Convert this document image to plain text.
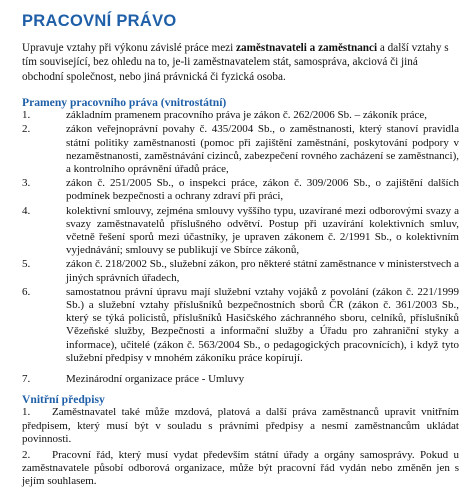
PRACOVNÍ PRÁVO

Upravuje vztahy při výkonu závislé práce mezi zaměstnavateli a zaměstnanci a další vztahy s tím související, bez ohledu na to, je-li zaměstnavatelem stát, samosprávа, akciová či jiná obchodní společnost, nebo jiná právnická či fyzická osoba.

Prameny pracovního práva (vnitrostátní)
1.	základním pramenem pracovního práva je zákon č. 262/2006 Sb. – zákoník práce,
2.	zákon veřejnoprávní povahy č. 435/2004 Sb., o zaměstnanosti, který stanoví pravidla státní politiky zaměstnanosti (pomoc při zajištění zaměstnání, poskytování podpory v nezaměstnanosti, zaměstnávání cizinců, zabezpečení rovného zacházení se zaměstnanci), a kontrolního oprávnění úřadů práce,
3.	zákon č. 251/2005 Sb., o inspekci práce, zákon č. 309/2006 Sb., o zajištění dalších podmínek bezpečnosti a ochrany zdraví při práci,
4.	kolektivní smlouvy, zejména smlouvy vyššího typu, uzavírané mezi odborovými svazy a svazy zaměstnavatelů příslušného odvětví. Postup při uzavírání kolektivních smluv, včetně řešení sporů mezi účastníky, je upraven zákonem č. 2/1991 Sb., o kolektivním vyjednávání; smlouvy se publikují ve Sbírce zákonů,
5.	zákon č. 218/2002 Sb., služební zákon, pro některé státní zaměstnance v ministerstvech a jiných správních úřadech,
6.	samostatnou právní úpravu mají služební vztahy vojáků z povolání (zákon č. 221/1999 Sb.) a služební vztahy příslušníků bezpečnostních sborů ČR (zákon č. 361/2003 Sb., který se týká policistů, příslušníků Hasičského záchranného sboru, celníků, příslušníků Vězeňské služby, Bezpečnosti a informační služby a Úřadu pro zahraniční styky a informace), učitelé (zákon č. 563/2004 Sb., o pedagogických pracovnících), i když tyto služební předpisy v mnohém zákoníku práce kopírují.
7.	Mezinárodní organizace práce - Umluvy
Vnitřní předpisy

1. Zaměstnavatel také může mzdová, platová a další práva zaměstnanců upravit vnitřním předpisem, který musí být v souladu s právními předpisy a nesmí zaměstnancům ukládat povinnosti.

2. Pracovní řád, který musí vydat především státní úřady a orgány samosprávy. Pokud u zaměstnavatele působí odborová organizace, může být pracovní řád vydán nebo změněn jen s jejím souhlasem.
